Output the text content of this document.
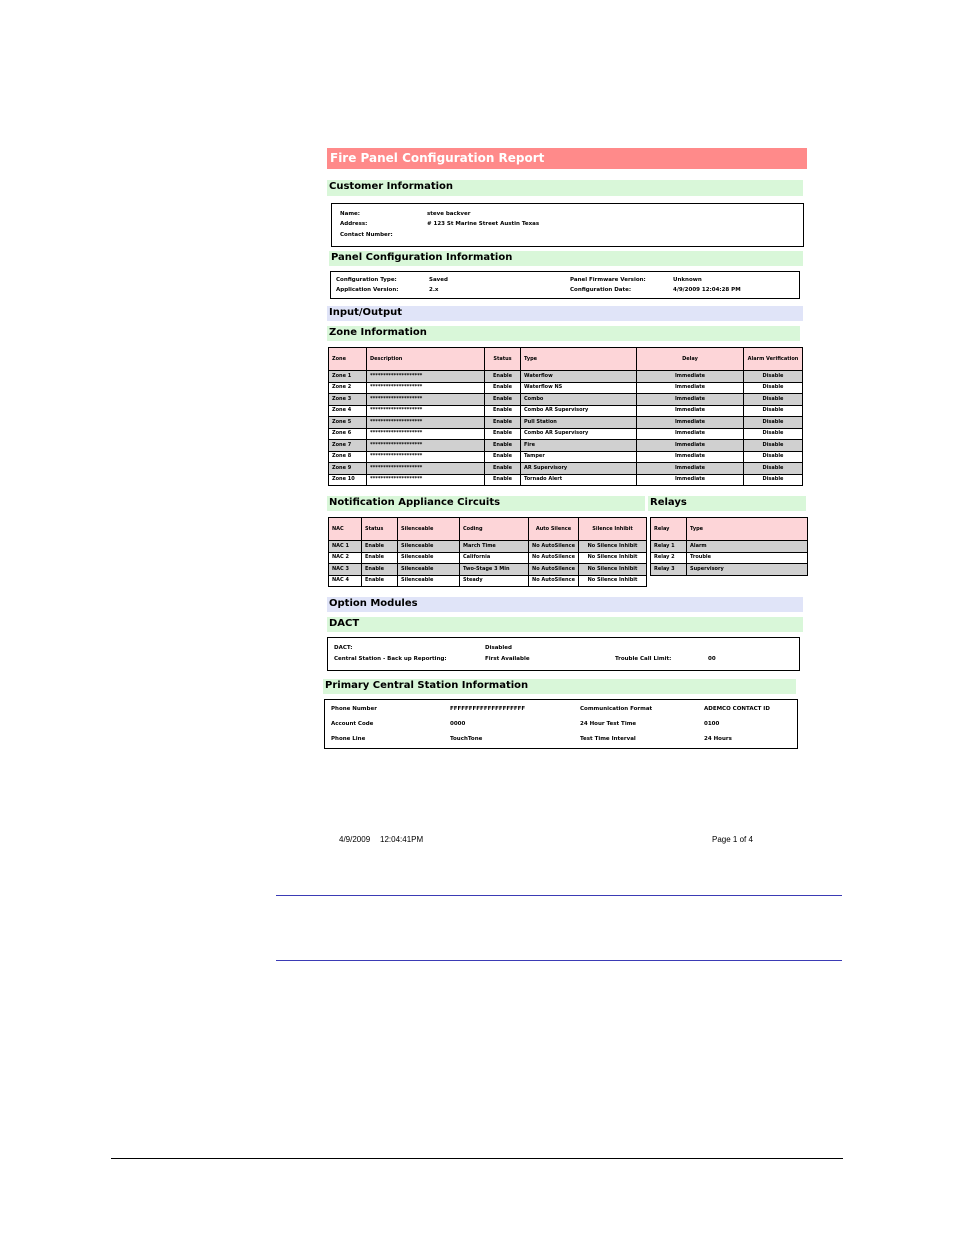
Fire Panel Configuration Report
Customer Information
Name:	steve backver
Address:	# 123 St Marine Street Austin Texas
Contact Number:
Panel Configuration Information
Configuration Type:	Saved
Application Version:	2.x
Panel Firmware Version:	Unknown
Configuration Date:	4/9/2009 12:04:28 PM
Input/Output
Zone Information
Zone	Description	Status	Type	Delay	Alarm Verification
Zone 1	********************	Enable	Waterflow	Immediate	Disable
Zone 2	********************	Enable	Waterflow NS	Immediate	Disable
Zone 3	********************	Enable	Combo	Immediate	Disable
Zone 4	********************	Enable	Combo AR Supervisory	Immediate	Disable
Zone 5	********************	Enable	Pull Station	Immediate	Disable
Zone 6	********************	Enable	Combo AR Supervisory	Immediate	Disable
Zone 7	********************	Enable	Fire	Immediate	Disable
Zone 8	********************	Enable	Tamper	Immediate	Disable
Zone 9	********************	Enable	AR Supervisory	Immediate	Disable
Zone 10	********************	Enable	Tornado Alert	Immediate	Disable
Notification Appliance Circuits
NAC	Status	Silenceable	Coding	Auto Silence	Silence Inhibit
NAC 1	Enable	Silenceable	March Time	No AutoSilence	No Silence Inhibit
NAC 2	Enable	Silenceable	California	No AutoSilence	No Silence Inhibit
NAC 3	Enable	Silenceable	Two-Stage 3 Min	No AutoSilence	No Silence Inhibit
NAC 4	Enable	Silenceable	Steady	No AutoSilence	No Silence Inhibit
Relays
Relay	Type
Relay 1	Alarm
Relay 2	Trouble
Relay 3	Supervisory
Option Modules
DACT
DACT:	Disabled
Central Station - Back up Reporting:	First Available	Trouble Call Limit:	00
Primary Central Station Information
Phone Number	FFFFFFFFFFFFFFFFFFFF	Communication Format	ADEMCO CONTACT ID
Account Code	0000	24 Hour Test Time	0100
Phone Line	TouchTone	Test Time Interval	24 Hours
4/9/2009 12:04:41PM	Page 1 of 4
